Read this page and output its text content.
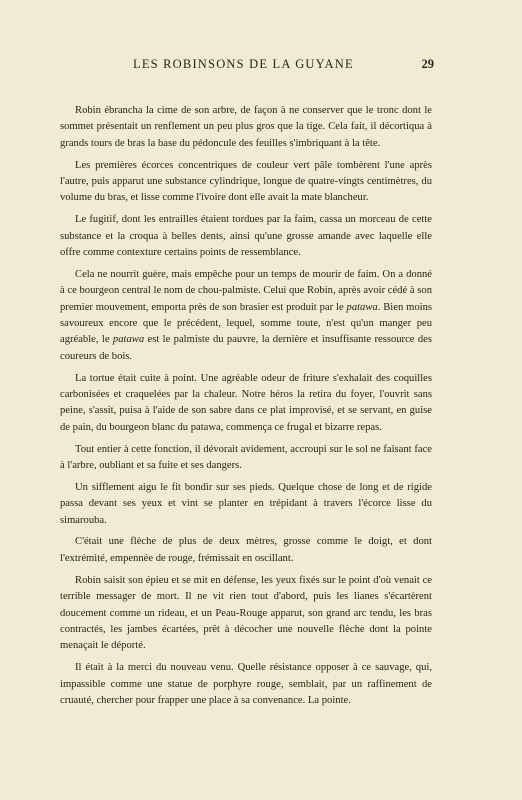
LES ROBINSONS DE LA GUYANE	29

Robin ébrancha la cime de son arbre, de façon à ne conserver que le tronc dont le sommet présentait un renflement un peu plus gros que la tige. Cela fait, il décortiqua à grands tours de bras la base du pédoncule des feuilles s'imbriquant à la tête.

Les premières écorces concentriques de couleur vert pâle tombèrent l'une après l'autre, puis apparut une substance cylindrique, longue de quatre-vingts centimètres, du volume du bras, et lisse comme l'ivoire dont elle avait la mate blancheur.

Le fugitif, dont les entrailles étaient tordues par la faim, cassa un morceau de cette substance et la croqua à belles dents, ainsi qu'une grosse amande avec laquelle elle offre comme contexture certains points de ressemblance.

Cela ne nourrit guère, mais empêche pour un temps de mourir de faim. On a donné à ce bourgeon central le nom de chou-palmiste. Celui que Robin, après avoir cédé à son premier mouvement, emporta près de son brasier est produit par le patawa. Bien moins savoureux encore que le précédent, lequel, somme toute, n'est qu'un manger peu agréable, le patawa est le palmiste du pauvre, la dernière et insuffisante ressource des coureurs de bois.

La tortue était cuite à point. Une agréable odeur de friture s'exhalait des coquilles carbonisées et craquelées par la chaleur. Notre héros la retira du foyer, l'ouvrit sans peine, s'assit, puisa à l'aide de son sabre dans ce plat improvisé, et se servant, en guise de pain, du bourgeon blanc du patawa, commença ce frugal et bizarre repas.

Tout entier à cette fonction, il dévorait avidement, accroupi sur le sol ne faisant face à l'arbre, oubliant et sa fuite et ses dangers.

Un sifflement aigu le fit bondir sur ses pieds. Quelque chose de long et de rigide passa devant ses yeux et vint se planter en trépidant à travers l'écorce lisse du simarouba.

C'était une flèche de plus de deux mètres, grosse comme le doigt, et dont l'extrémité, empennée de rouge, frémissait en oscillant.

Robin saisit son épieu et se mit en défense, les yeux fixés sur le point d'où venait ce terrible messager de mort. Il ne vit rien tout d'abord, puis les lianes s'écartèrent doucement comme un rideau, et un Peau-Rouge apparut, son grand arc tendu, les bras contractés, les jambes écartées, prêt à décocher une nouvelle flèche dont la pointe menaçait le déporté.

Il était à la merci du nouveau venu. Quelle résistance opposer à ce sauvage, qui, impassible comme une statue de porphyre rouge, semblait, par un raffinement de cruauté, chercher pour frapper une place à sa convenance. La pointe.
